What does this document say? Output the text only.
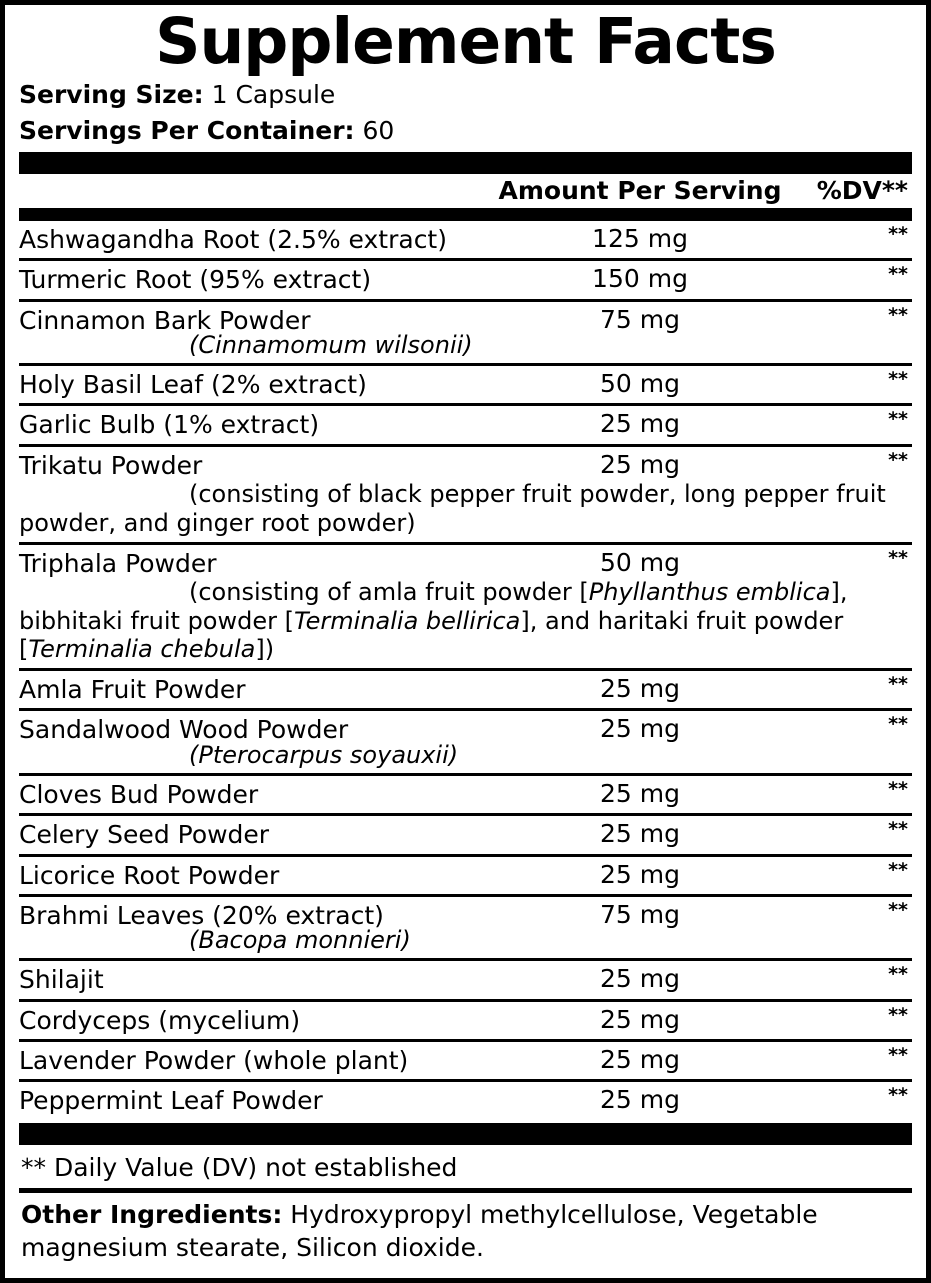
Supplement Facts
Serving Size: 1 Capsule
Servings Per Container: 60
Amount Per Serving	%DV**
Ashwagandha Root (2.5% extract)	125 mg	**
Turmeric Root (95% extract)	150 mg	**
Cinnamon Bark Powder	75 mg	**
(Cinnamomum wilsonii)
Holy Basil Leaf (2% extract)	50 mg	**
Garlic Bulb (1% extract)	25 mg	**
Trikatu Powder	25 mg	**
(consisting of black pepper fruit powder, long pepper fruit powder, and ginger root powder)
Triphala Powder	50 mg	**
(consisting of amla fruit powder [Phyllanthus emblica], bibhitaki fruit powder [Terminalia bellirica], and haritaki fruit powder [Terminalia chebula])
Amla Fruit Powder	25 mg	**
Sandalwood Wood Powder	25 mg	**
(Pterocarpus soyauxii)
Cloves Bud Powder	25 mg	**
Celery Seed Powder	25 mg	**
Licorice Root Powder	25 mg	**
Brahmi Leaves (20% extract)	75 mg	**
(Bacopa monnieri)
Shilajit	25 mg	**
Cordyceps (mycelium)	25 mg	**
Lavender Powder (whole plant)	25 mg	**
Peppermint Leaf Powder	25 mg	**
** Daily Value (DV) not established
Other Ingredients: Hydroxypropyl methylcellulose, Vegetable magnesium stearate, Silicon dioxide.
